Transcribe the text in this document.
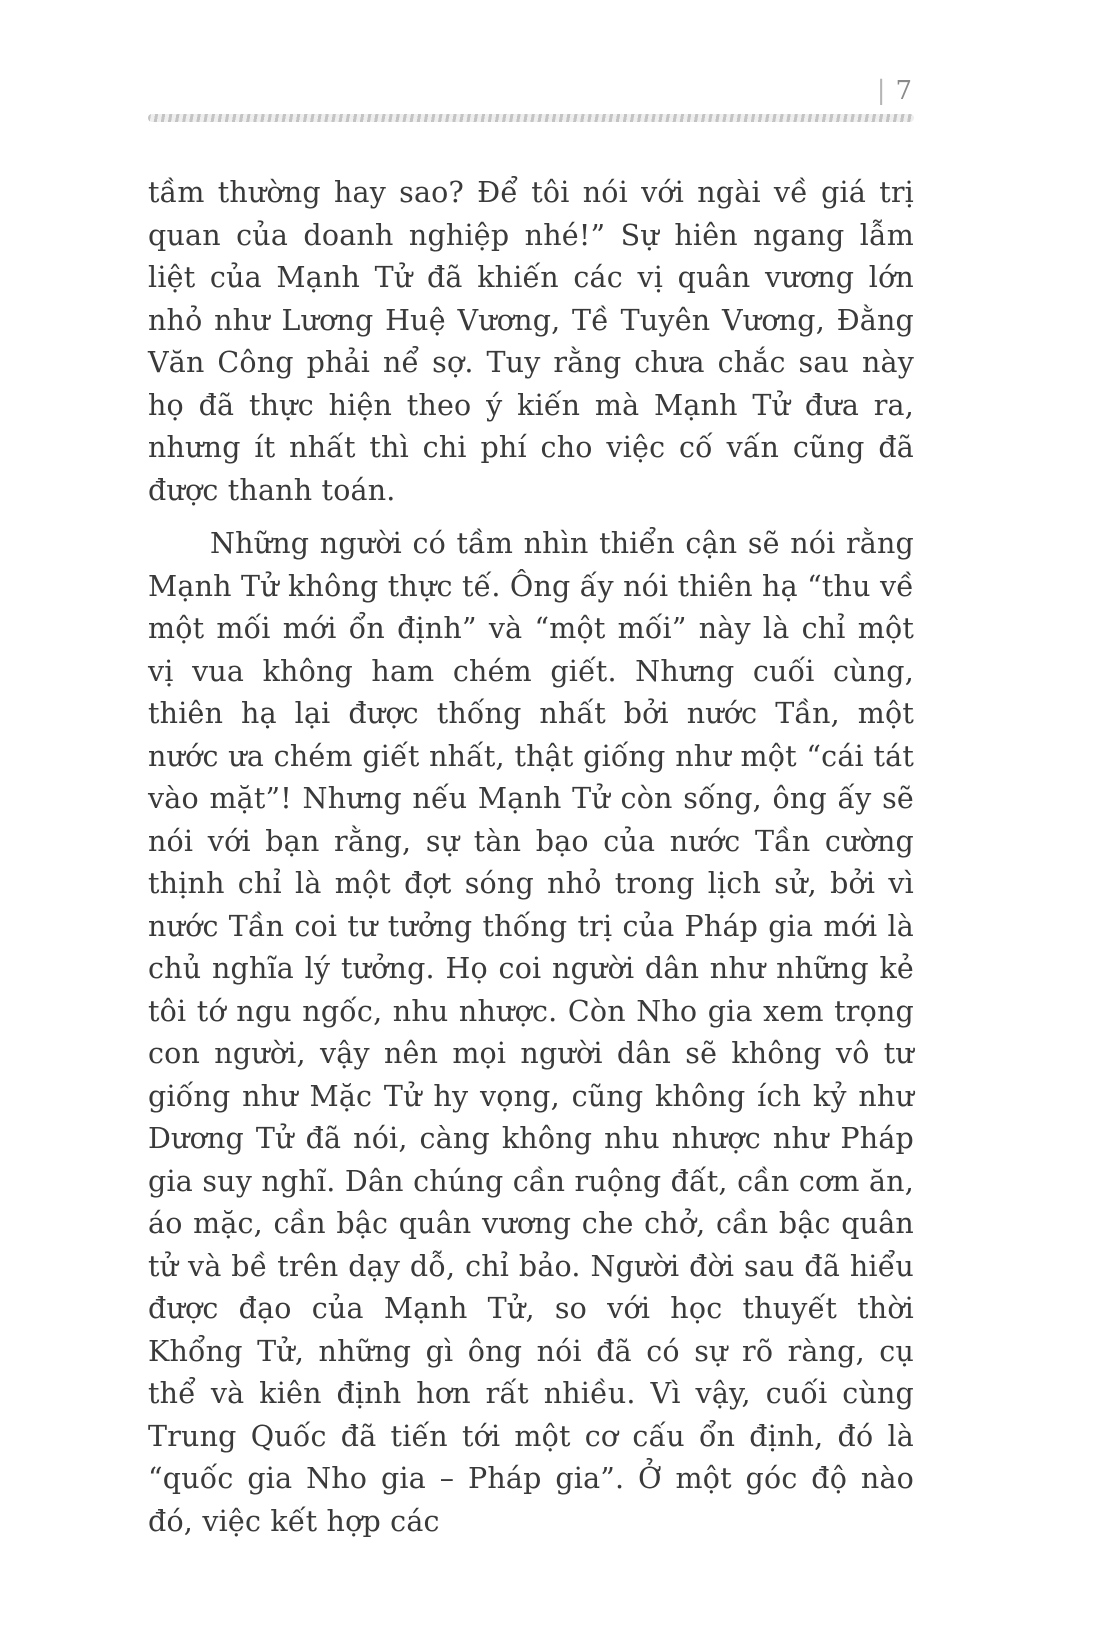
| 7

tầm thường hay sao? Để tôi nói với ngài về giá trị quan của doanh nghiệp nhé!” Sự hiên ngang lẫm liệt của Mạnh Tử đã khiến các vị quân vương lớn nhỏ như Lương Huệ Vương, Tề Tuyên Vương, Đằng Văn Công phải nể sợ. Tuy rằng chưa chắc sau này họ đã thực hiện theo ý kiến mà Mạnh Tử đưa ra, nhưng ít nhất thì chi phí cho việc cố vấn cũng đã được thanh toán.

Những người có tầm nhìn thiển cận sẽ nói rằng Mạnh Tử không thực tế. Ông ấy nói thiên hạ “thu về một mối mới ổn định” và “một mối” này là chỉ một vị vua không ham chém giết. Nhưng cuối cùng, thiên hạ lại được thống nhất bởi nước Tần, một nước ưa chém giết nhất, thật giống như một “cái tát vào mặt”! Nhưng nếu Mạnh Tử còn sống, ông ấy sẽ nói với bạn rằng, sự tàn bạo của nước Tần cường thịnh chỉ là một đợt sóng nhỏ trong lịch sử, bởi vì nước Tần coi tư tưởng thống trị của Pháp gia mới là chủ nghĩa lý tưởng. Họ coi người dân như những kẻ tôi tớ ngu ngốc, nhu nhược. Còn Nho gia xem trọng con người, vậy nên mọi người dân sẽ không vô tư giống như Mặc Tử hy vọng, cũng không ích kỷ như Dương Tử đã nói, càng không nhu nhược như Pháp gia suy nghĩ. Dân chúng cần ruộng đất, cần cơm ăn, áo mặc, cần bậc quân vương che chở, cần bậc quân tử và bề trên dạy dỗ, chỉ bảo. Người đời sau đã hiểu được đạo của Mạnh Tử, so với học thuyết thời Khổng Tử, những gì ông nói đã có sự rõ ràng, cụ thể và kiên định hơn rất nhiều. Vì vậy, cuối cùng Trung Quốc đã tiến tới một cơ cấu ổn định, đó là “quốc gia Nho gia – Pháp gia”. Ở một góc độ nào đó, việc kết hợp các
